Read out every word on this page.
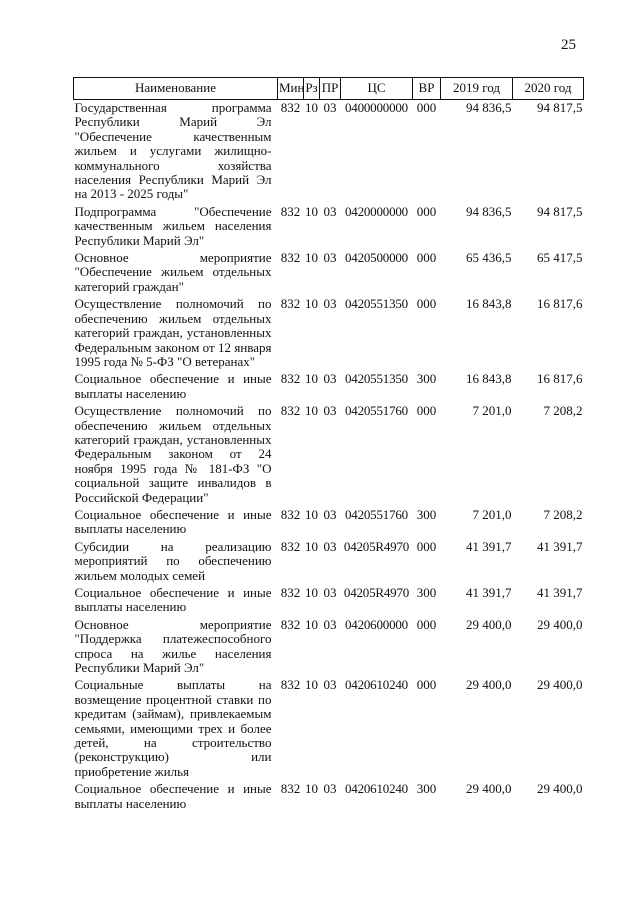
25
Наименование	Мин	Рз	ПР	ЦС	ВР	2019 год	2020 год
Государственная программа Республики Марий Эл "Обеспечение качественным жильем и услугами жилищно-коммунального хозяйства населения Республики Марий Эл на 2013 - 2025 годы"	832	10	03	0400000000	000	94 836,5	94 817,5
Подпрограмма "Обеспечение качественным жильем населения Республики Марий Эл"	832	10	03	0420000000	000	94 836,5	94 817,5
Основное мероприятие "Обеспечение жильем отдельных категорий граждан"	832	10	03	0420500000	000	65 436,5	65 417,5
Осуществление полномочий по обеспечению жильем отдельных категорий граждан, установленных Федеральным законом от 12 января 1995 года № 5-ФЗ "О ветеранах"	832	10	03	0420551350	000	16 843,8	16 817,6
Социальное обеспечение и иные выплаты населению	832	10	03	0420551350	300	16 843,8	16 817,6
Осуществление полномочий по обеспечению жильем отдельных категорий граждан, установленных Федеральным законом от 24 ноября 1995 года № 181-ФЗ "О социальной защите инвалидов в Российской Федерации"	832	10	03	0420551760	000	7 201,0	7 208,2
Социальное обеспечение и иные выплаты населению	832	10	03	0420551760	300	7 201,0	7 208,2
Субсидии на реализацию мероприятий по обеспечению жильем молодых семей	832	10	03	04205R4970	000	41 391,7	41 391,7
Социальное обеспечение и иные выплаты населению	832	10	03	04205R4970	300	41 391,7	41 391,7
Основное мероприятие "Поддержка платежеспособного спроса на жилье населения Республики Марий Эл"	832	10	03	0420600000	000	29 400,0	29 400,0
Социальные выплаты на возмещение процентной ставки по кредитам (займам), привлекаемым семьями, имеющими трех и более детей, на строительство (реконструкцию) или приобретение жилья	832	10	03	0420610240	000	29 400,0	29 400,0
Социальное обеспечение и иные выплаты населению	832	10	03	0420610240	300	29 400,0	29 400,0
